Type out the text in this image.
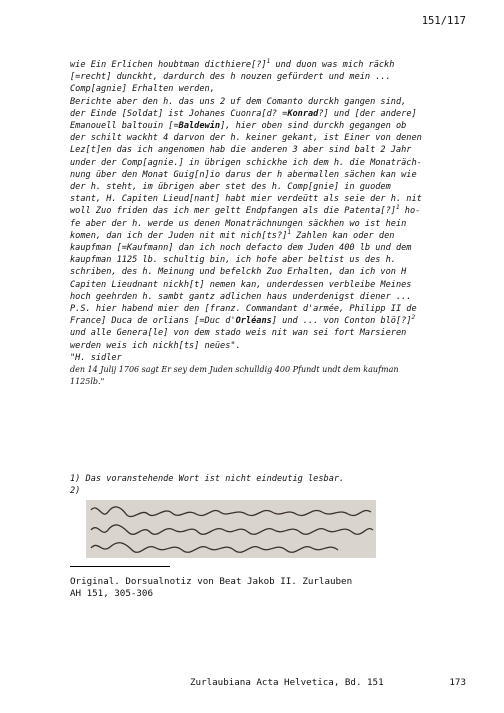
151/117

wie Ein Erlichen houbtman dicthiere[?]$^1$ und duon was mich räckh

[=recht] dunckht, dardurch des h nouzen gefürdert und mein ...

Comp[agnie] Erhalten werden,

Berichte aber den h. das uns 2 uf dem Comanto durckh gangen sind,

der Einde [Soldat] ist Johanes Cuonra[d? =Konrad?] und [der andere]

Emanouell baltouin [=Baldewin], hier oben sind durckh gegangen ob

der schilt wackht 4 darvon der h. keiner gekant, ist Einer von denen

Lez[t]en das ich angenomen hab die anderen 3 aber sind balt 2 Jahr

under der Comp[agnie.] in übrigen schickhe ich dem h. die Monaträch-

nung über den Monat Guig[n]io darus der h abermallen sächen kan wie

der h. steht, im übrigen aber stet des h. Comp[gnie] in guodem

stant, H. Capiten Lieud[nant] habt mier verdeütt als seie der h. nit

woll Zuo friden das ich mer geltt Endpfangen als die Patenta[?]$^1$ ho-

fe aber der h. werde us denen Monaträchnungen säckhen wo ist hein

komen, dan ich der Juden nit mit nich[ts?]$^1$ Zahlen kan oder den

kaupfman [=Kaufmann] dan ich noch defacto dem Juden 400 lb und dem

kaupfman 1125 lb. schultig bin, ich hofe aber beltist us des h.

schriben, des h. Meinung und befelckh Zuo Erhalten, dan ich von H

Capiten Lieudnant nickh[t] nemen kan, underdessen verbleibe Meines

hoch geehrden h. sambt gantz adlichen haus underdenigst diener ...

P.S. hier habend mier den [franz. Commandant d'armée, Philipp II de

France] Duca de orlians [=Duc d'Orléans] und ... von Conton blö[?]$^2$

und alle Genera[le] von dem stado weis nit wan sei fort Marsieren

werden weis ich nickh[ts] neües".

"H. sidler

den 14 Julij 1706 sagt Er sey dem Juden schulldig 400 Pfundt undt dem kaufman
1125lb."
1) Das voranstehende Wort ist nicht eindeutig lesbar.
2)
Original. Dorsualnotiz von Beat Jakob II. Zurlauben
AH 151, 305-306
Zurlaubiana Acta Helvetica, Bd. 151	173
